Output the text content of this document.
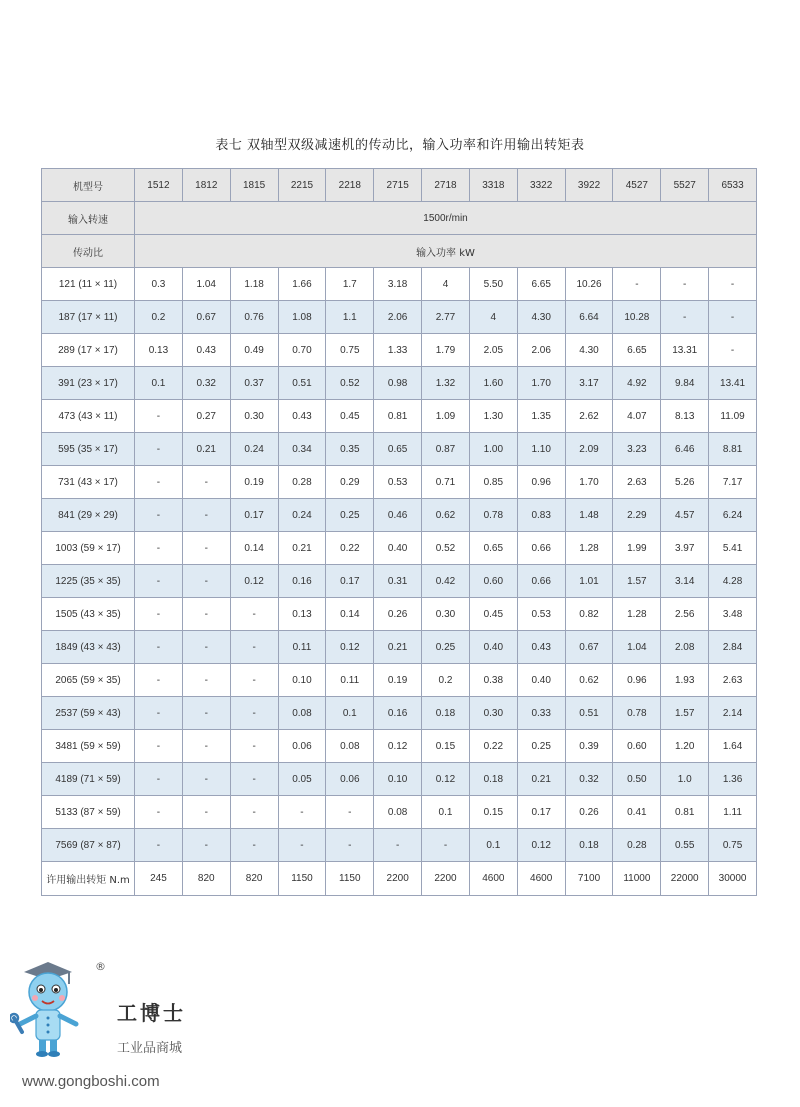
表七 双轴型双级减速机的传动比，输入功率和许用输出转矩表
机型号	1512	1812	1815	2215	2218	2715	2718	3318	3322	3922	4527	5527	6533
输入转速	1500r/min												
传动比	输入功率 kW												
121 (11 × 11)	0.3	1.04	1.18	1.66	1.7	3.18	4	5.50	6.65	10.26	-	-	-
187 (17 × 11)	0.2	0.67	0.76	1.08	1.1	2.06	2.77	4	4.30	6.64	10.28	-	-
289 (17 × 17)	0.13	0.43	0.49	0.70	0.75	1.33	1.79	2.05	2.06	4.30	6.65	13.31	-
391 (23 × 17)	0.1	0.32	0.37	0.51	0.52	0.98	1.32	1.60	1.70	3.17	4.92	9.84	13.41
473 (43 × 11)	-	0.27	0.30	0.43	0.45	0.81	1.09	1.30	1.35	2.62	4.07	8.13	11.09
595 (35 × 17)	-	0.21	0.24	0.34	0.35	0.65	0.87	1.00	1.10	2.09	3.23	6.46	8.81
731 (43 × 17)	-	-	0.19	0.28	0.29	0.53	0.71	0.85	0.96	1.70	2.63	5.26	7.17
841 (29 × 29)	-	-	0.17	0.24	0.25	0.46	0.62	0.78	0.83	1.48	2.29	4.57	6.24
1003 (59 × 17)	-	-	0.14	0.21	0.22	0.40	0.52	0.65	0.66	1.28	1.99	3.97	5.41
1225 (35 × 35)	-	-	0.12	0.16	0.17	0.31	0.42	0.60	0.66	1.01	1.57	3.14	4.28
1505 (43 × 35)	-	-	-	0.13	0.14	0.26	0.30	0.45	0.53	0.82	1.28	2.56	3.48
1849 (43 × 43)	-	-	-	0.11	0.12	0.21	0.25	0.40	0.43	0.67	1.04	2.08	2.84
2065 (59 × 35)	-	-	-	0.10	0.11	0.19	0.2	0.38	0.40	0.62	0.96	1.93	2.63
2537 (59 × 43)	-	-	-	0.08	0.1	0.16	0.18	0.30	0.33	0.51	0.78	1.57	2.14
3481 (59 × 59)	-	-	-	0.06	0.08	0.12	0.15	0.22	0.25	0.39	0.60	1.20	1.64
4189 (71 × 59)	-	-	-	0.05	0.06	0.10	0.12	0.18	0.21	0.32	0.50	1.0	1.36
5133 (87 × 59)	-	-	-	-	-	0.08	0.1	0.15	0.17	0.26	0.41	0.81	1.11
7569 (87 × 87)	-	-	-	-	-	-	-	0.1	0.12	0.18	0.28	0.55	0.75
许用输出转矩 N.m	245	820	820	1150	1150	2200	2200	4600	4600	7100	11000	22000	30000
®
工博士
工业品商城
www.gongboshi.com
